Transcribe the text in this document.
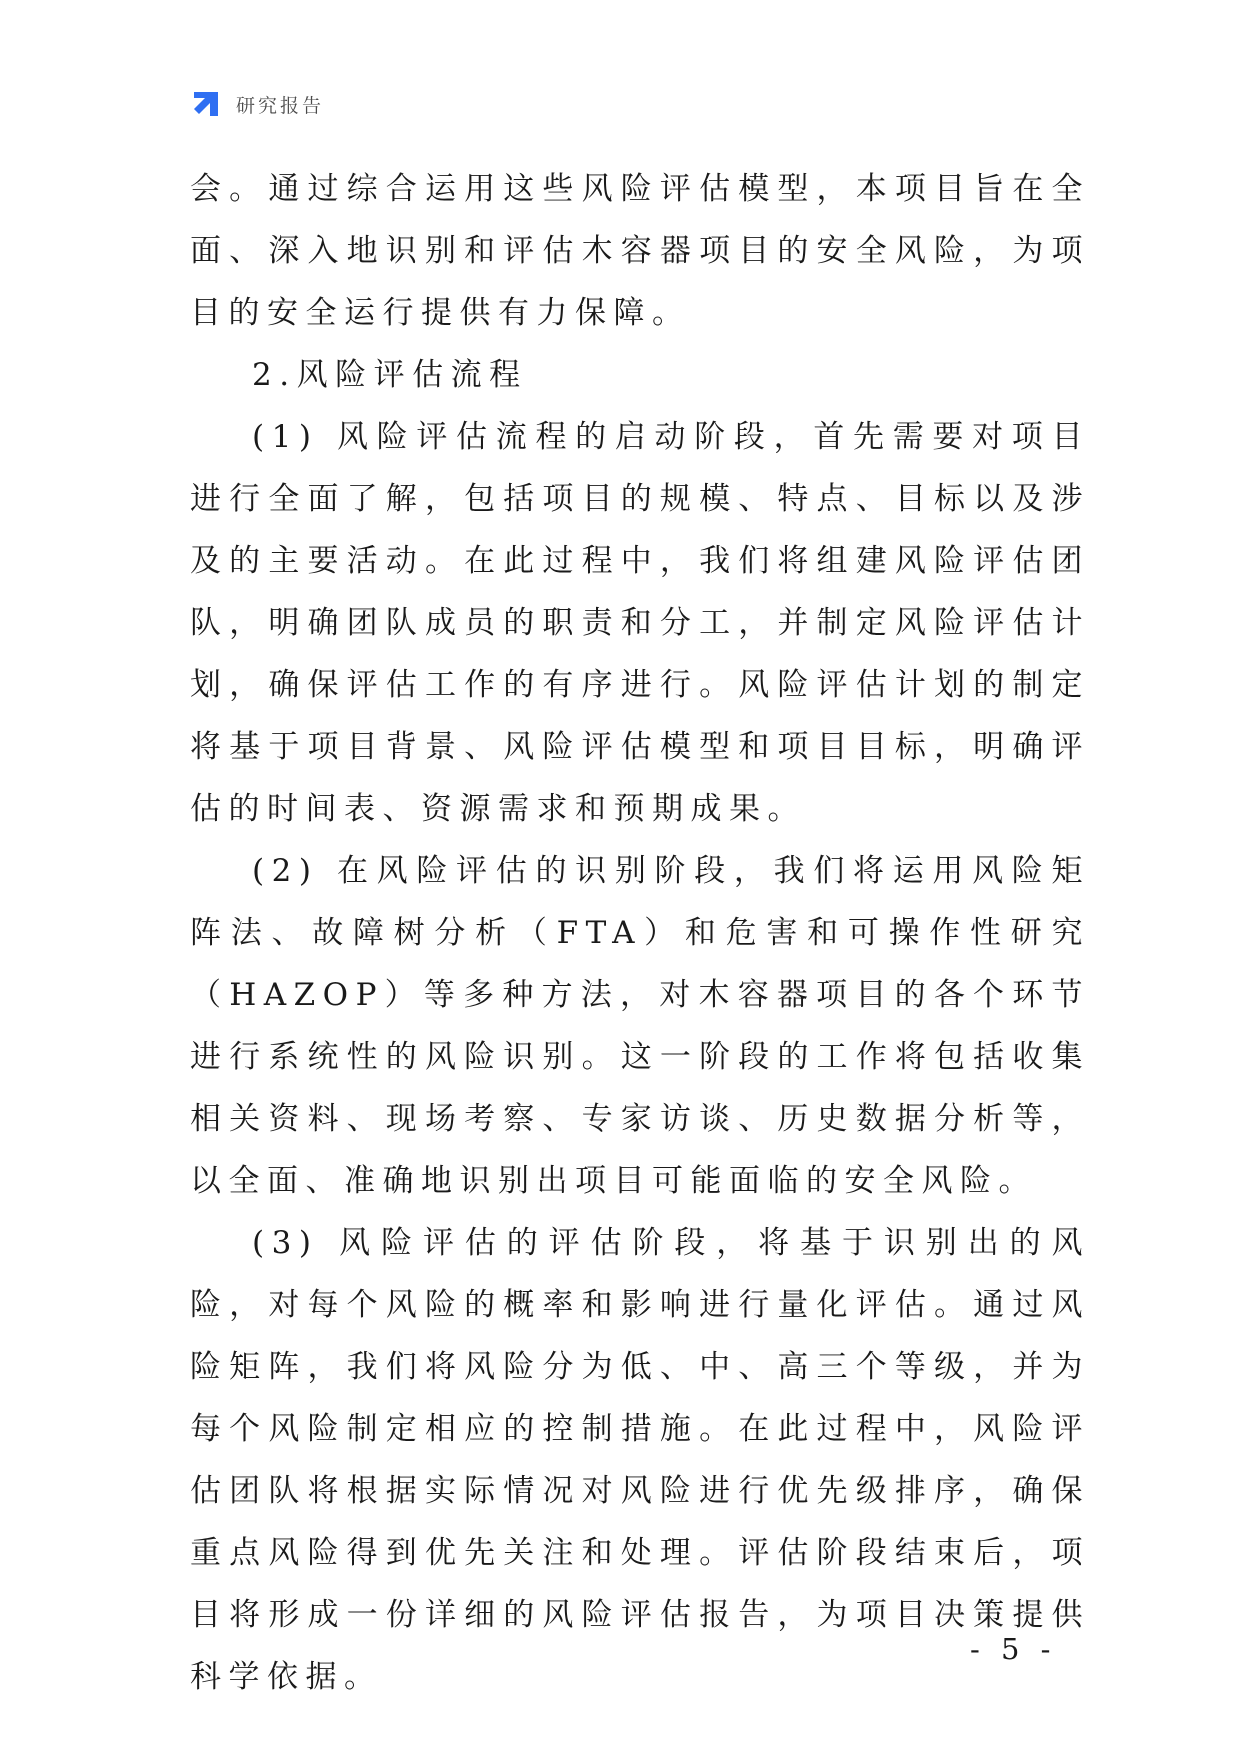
研究报告

会。通过综合运用这些风险评估模型，本项目旨在全面、深入地识别和评估木容器项目的安全风险，为项目的安全运行提供有力保障。

2.风险评估流程

(1) 风险评估流程的启动阶段，首先需要对项目进行全面了解，包括项目的规模、特点、目标以及涉及的主要活动。在此过程中，我们将组建风险评估团队，明确团队成员的职责和分工，并制定风险评估计划，确保评估工作的有序进行。风险评估计划的制定将基于项目背景、风险评估模型和项目目标，明确评估的时间表、资源需求和预期成果。

(2) 在风险评估的识别阶段，我们将运用风险矩阵法、故障树分析（FTA）和危害和可操作性研究（HAZOP）等多种方法，对木容器项目的各个环节进行系统性的风险识别。这一阶段的工作将包括收集相关资料、现场考察、专家访谈、历史数据分析等，以全面、准确地识别出项目可能面临的安全风险。

(3) 风险评估的评估阶段，将基于识别出的风险，对每个风险的概率和影响进行量化评估。通过风险矩阵，我们将风险分为低、中、高三个等级，并为每个风险制定相应的控制措施。在此过程中，风险评估团队将根据实际情况对风险进行优先级排序，确保重点风险得到优先关注和处理。评估阶段结束后，项目将形成一份详细的风险评估报告，为项目决策提供科学依据。

- 5 -
